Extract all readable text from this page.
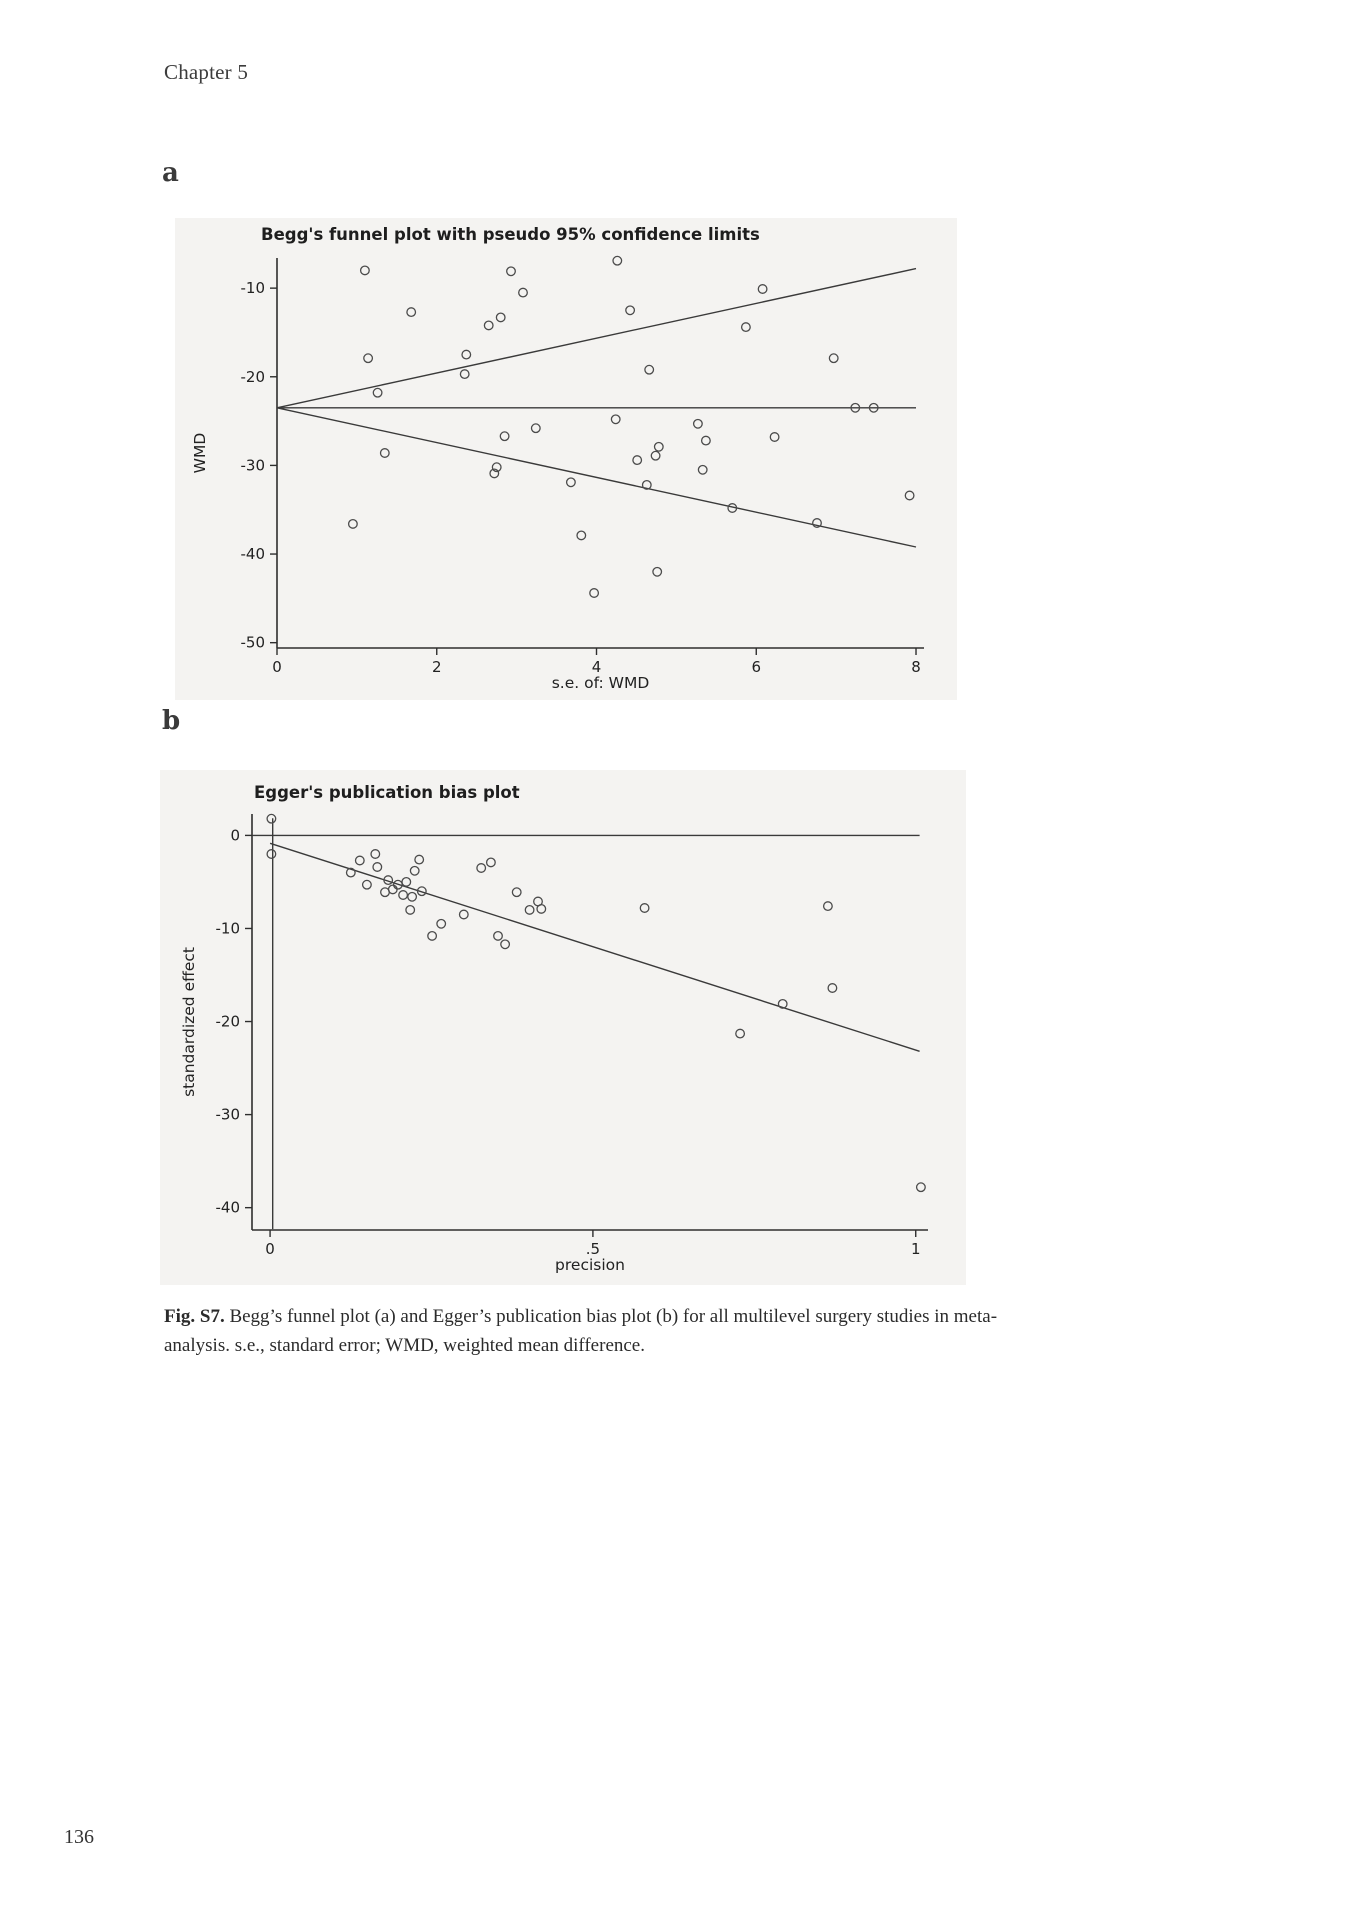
Chapter 5
a
-10
-20
-30
-40
-50
0	2	4	6	8
Begg's funnel plot with pseudo 95% confidence limits
s.e. of: WMD
WMD
b
0
-10
-20
-30
-40
0	.5	1
Egger's publication bias plot
precision
standardized effect
Fig. S7. Begg’s funnel plot (a) and Egger’s publication bias plot (b) for all multilevel surgery studies in meta-
analysis. s.e., standard error; WMD, weighted mean difference.
136
